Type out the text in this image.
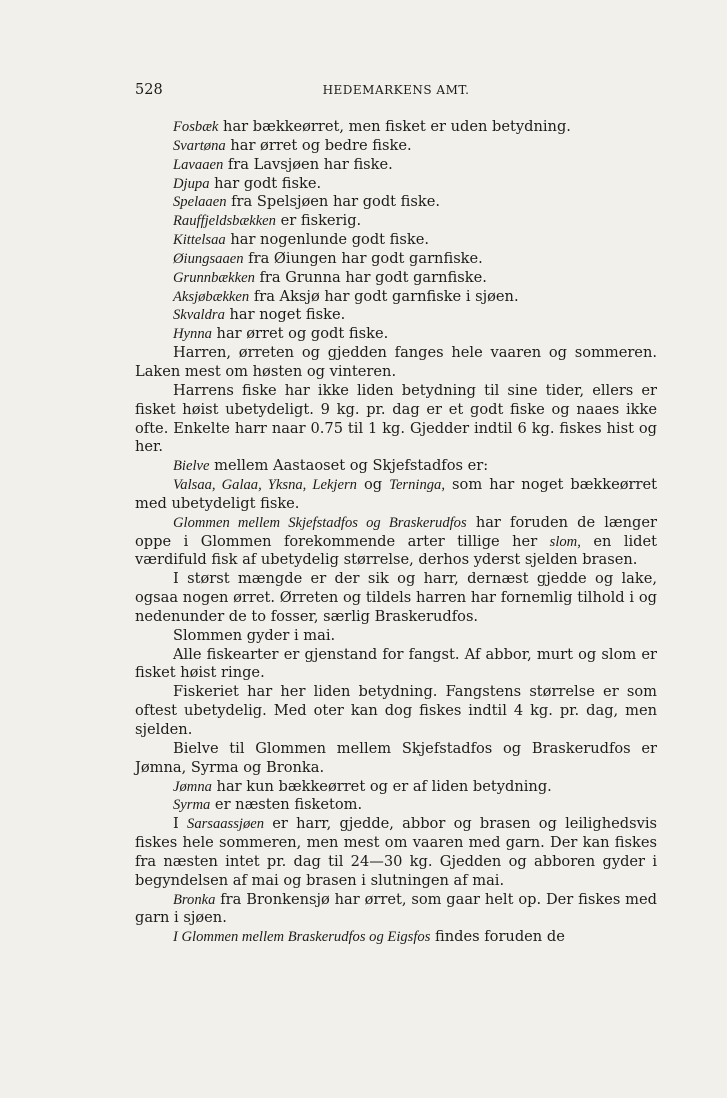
528	HEDEMARKENS AMT.

Fosbæk har bækkeørret, men fisket er uden betydning.

Svartøna har ørret og bedre fiske.

Lavaaen fra Lavsjøen har fiske.

Djupa har godt fiske.

Spelaaen fra Spelsjøen har godt fiske.

Rauffjeldsbækken er fiskerig.

Kittelsaa har nogenlunde godt fiske.

Øiungsaaen fra Øiungen har godt garnfiske.

Grunnbækken fra Grunna har godt garnfiske.

Aksjøbækken fra Aksjø har godt garnfiske i sjøen.

Skvaldra har noget fiske.

Hynna har ørret og godt fiske.

Harren, ørreten og gjedden fanges hele vaaren og sommeren. Laken mest om høsten og vinteren.

Harrens fiske har ikke liden betydning til sine tider, ellers er fisket høist ubetydeligt. 9 kg. pr. dag er et godt fiske og naaes ikke ofte. Enkelte harr naar 0.75 til 1 kg. Gjedder indtil 6 kg. fiskes hist og her.

Bielve mellem Aastaoset og Skjefstadfos er:

Valsaa, Galaa, Yksna, Lekjern og Terninga, som har noget bækkeørret med ubetydeligt fiske.

Glommen mellem Skjefstadfos og Braskerudfos har foruden de længer oppe i Glommen forekommende arter tillige her slom, en lidet værdifuld fisk af ubetydelig størrelse, derhos yderst sjelden brasen.

I størst mængde er der sik og harr, dernæst gjedde og lake, ogsaa nogen ørret. Ørreten og tildels harren har fornemlig tilhold i og nedenunder de to fosser, særlig Braskerudfos.

Slommen gyder i mai.

Alle fiskearter er gjenstand for fangst. Af abbor, murt og slom er fisket høist ringe.

Fiskeriet har her liden betydning. Fangstens størrelse er som oftest ubetydelig. Med oter kan dog fiskes indtil 4 kg. pr. dag, men sjelden.

Bielve til Glommen mellem Skjefstadfos og Braskerudfos er Jømna, Syrma og Bronka.

Jømna har kun bækkeørret og er af liden betydning.

Syrma er næsten fisketom.

I Sarsaassjøen er harr, gjedde, abbor og brasen og leilighedsvis fiskes hele sommeren, men mest om vaaren med garn. Der kan fiskes fra næsten intet pr. dag til 24—30 kg. Gjedden og abboren gyder i begyndelsen af mai og brasen i slutningen af mai.

Bronka fra Bronkensjø har ørret, som gaar helt op. Der fiskes med garn i sjøen.

I Glommen mellem Braskerudfos og Eigsfos findes foruden de
